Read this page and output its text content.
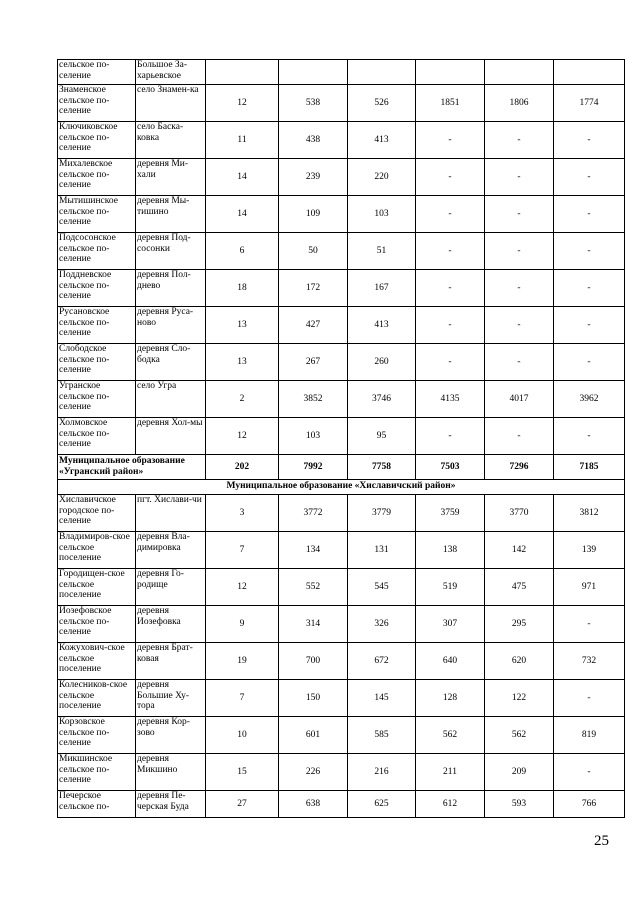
сельское по-селение	Большое За-харьевское						
Знаменское сельское по-селение	село Знамен-ка	12	538	526	1851	1806	1774
Ключиковское сельское по-селение	село Баска-ковка	11	438	413	-	-	-
Михалевское сельское по-селение	деревня Ми-хали	14	239	220	-	-	-
Мытишинское сельское по-селение	деревня Мы-тишино	14	109	103	-	-	-
Подсосонское сельское по-селение	деревня Под-сосонки	6	50	51	-	-	-
Поддневское сельское по-селение	деревня Пол-днево	18	172	167	-	-	-
Русановское сельское по-селение	деревня Руса-ново	13	427	413	-	-	-
Слободское сельское по-селение	деревня Сло-бодка	13	267	260	-	-	-
Угранское сельское по-селение	село Угра	2	3852	3746	4135	4017	3962
Холмовское сельское по-селение	деревня Хол-мы	12	103	95	-	-	-
Муниципальное образование «Угранский район»		202	7992	7758	7503	7296	7185
Муниципальное образование «Хиславичский район»							
Хиславичское городское по-селение	пгт. Хислави-чи	3	3772	3779	3759	3770	3812
Владимиров-ское сельское поселение	деревня Вла-димировка	7	134	131	138	142	139
Городищен-ское сельское поселение	деревня Го-родище	12	552	545	519	475	971
Иозефовское сельское по-селение	деревня Иозефовка	9	314	326	307	295	-
Кожухович-ское сельское поселение	деревня Брат-ковая	19	700	672	640	620	732
Колесников-ское сельское поселение	деревня Большие Ху-тора	7	150	145	128	122	-
Корзовское сельское по-селение	деревня Кор-зово	10	601	585	562	562	819
Микшинское сельское по-селение	деревня Микшино	15	226	216	211	209	-
Печерское сельское по-	деревня Пе-черская Буда	27	638	625	612	593	766
25
